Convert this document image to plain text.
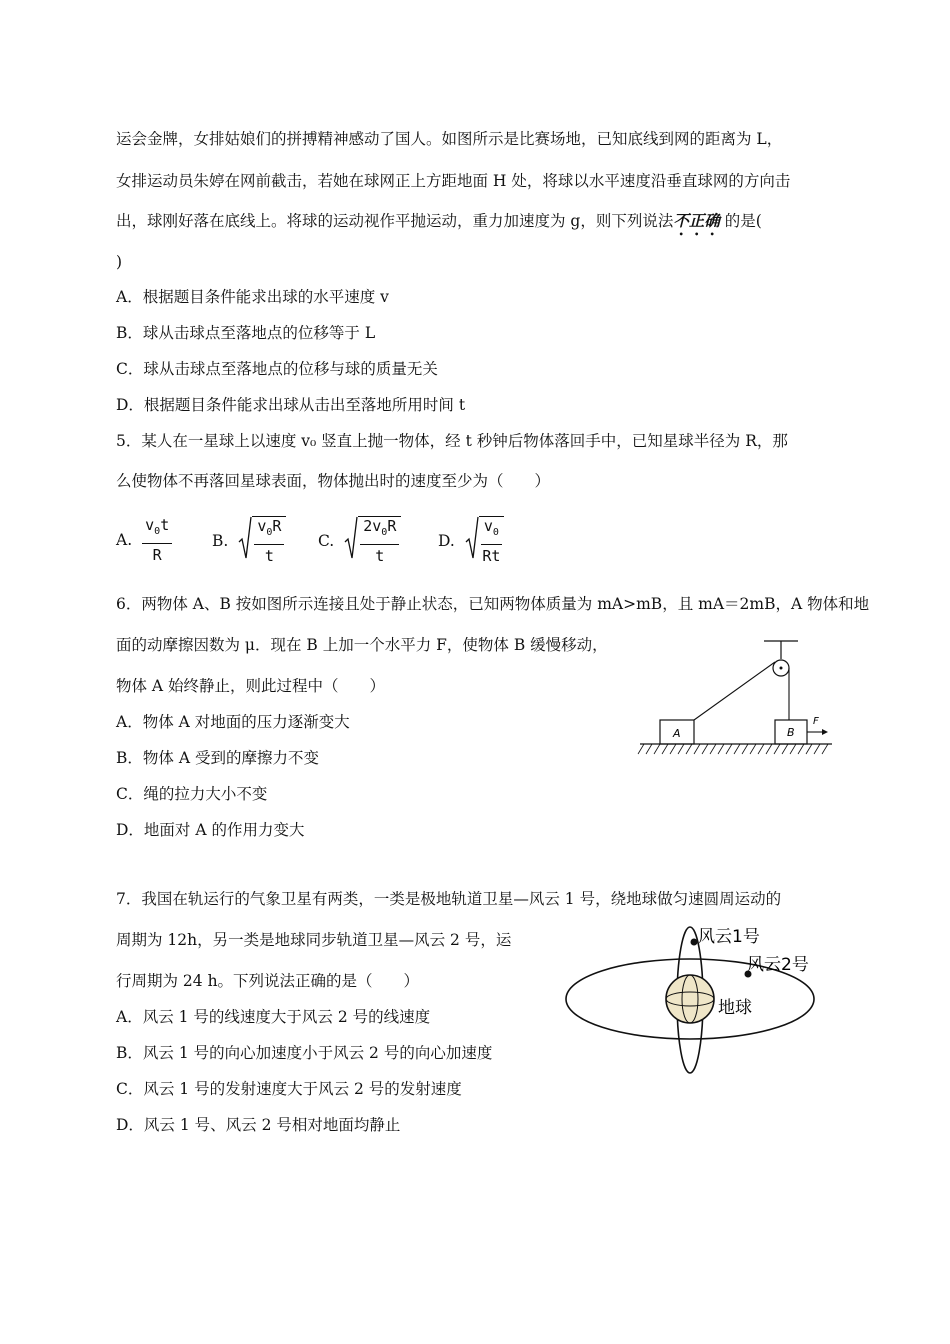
运会金牌，女排姑娘们的拼搏精神感动了国人。如图所示是比赛场地，已知底线到网的距离为 L，
女排运动员朱婷在网前截击，若她在球网正上方距地面 H 处，将球以水平速度沿垂直球网的方向击
出，球刚好落在底线上。将球的运动视作平抛运动，重力加速度为 g，则下列说法不正确 的是(
)
A．根据题目条件能求出球的水平速度 v
B．球从击球点至落地点的位移等于 L
C．球从击球点至落地点的位移与球的质量无关
D．根据题目条件能求出球从击出至落地所用时间 t
5．某人在一星球上以速度 v₀ 竖直上抛一物体，经 t 秒钟后物体落回手中，已知星球半径为 R，那
么使物体不再落回星球表面，物体抛出时的速度至少为（　　）
A. $\frac{v_0t}{R}$	B. $\frac{v_0R}{t} C$. $\frac{2v_0R}{t} D$. $\frac{v_0}{Rt}$
6．两物体 A、B 按如图所示连接且处于静止状态，已知两物体质量为 mA>mB，且 mA＝2mB，A 物体和地
面的动摩擦因数为 μ．现在 B 上加一个水平力 F，使物体 B 缓慢移动，
物体 A 始终静止，则此过程中（　　）
A．物体 A 对地面的压力逐渐变大
B．物体 A 受到的摩擦力不变
C．绳的拉力大小不变
D．地面对 A 的作用力变大
A	B
F
7．我国在轨运行的气象卫星有两类，一类是极地轨道卫星—风云 1 号，绕地球做匀速圆周运动的
周期为 12h，另一类是地球同步轨道卫星—风云 2 号，运
行周期为 24 h。下列说法正确的是（　　）
A．风云 1 号的线速度大于风云 2 号的线速度
B．风云 1 号的向心加速度小于风云 2 号的向心加速度
C．风云 1 号的发射速度大于风云 2 号的发射速度
D．风云 1 号、风云 2 号相对地面均静止
风云1号
风云2号
地球
